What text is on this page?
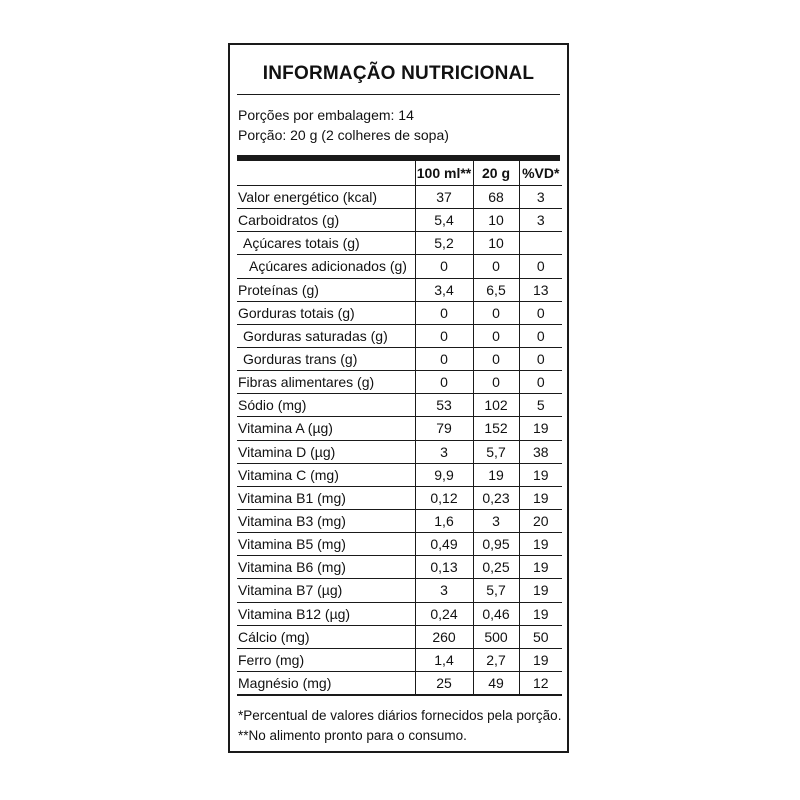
INFORMAÇÃO NUTRICIONAL
Porções por embalagem: 14
Porção: 20 g (2 colheres de sopa)
	100 ml**	20 g	%VD*
Valor energético (kcal)	37	68	3
Carboidratos (g)	5,4	10	3
Açúcares totais (g)	5,2	10	
Açúcares adicionados (g)	0	0	0
Proteínas (g)	3,4	6,5	13
Gorduras totais (g)	0	0	0
Gorduras saturadas (g)	0	0	0
Gorduras trans (g)	0	0	0
Fibras alimentares (g)	0	0	0
Sódio (mg)	53	102	5
Vitamina A (µg)	79	152	19
Vitamina D (µg)	3	5,7	38
Vitamina C (mg)	9,9	19	19
Vitamina B1 (mg)	0,12	0,23	19
Vitamina B3 (mg)	1,6	3	20
Vitamina B5 (mg)	0,49	0,95	19
Vitamina B6 (mg)	0,13	0,25	19
Vitamina B7 (µg)	3	5,7	19
Vitamina B12 (µg)	0,24	0,46	19
Cálcio (mg)	260	500	50
Ferro (mg)	1,4	2,7	19
Magnésio (mg)	25	49	12
*Percentual de valores diários fornecidos pela porção.
**No alimento pronto para o consumo.
